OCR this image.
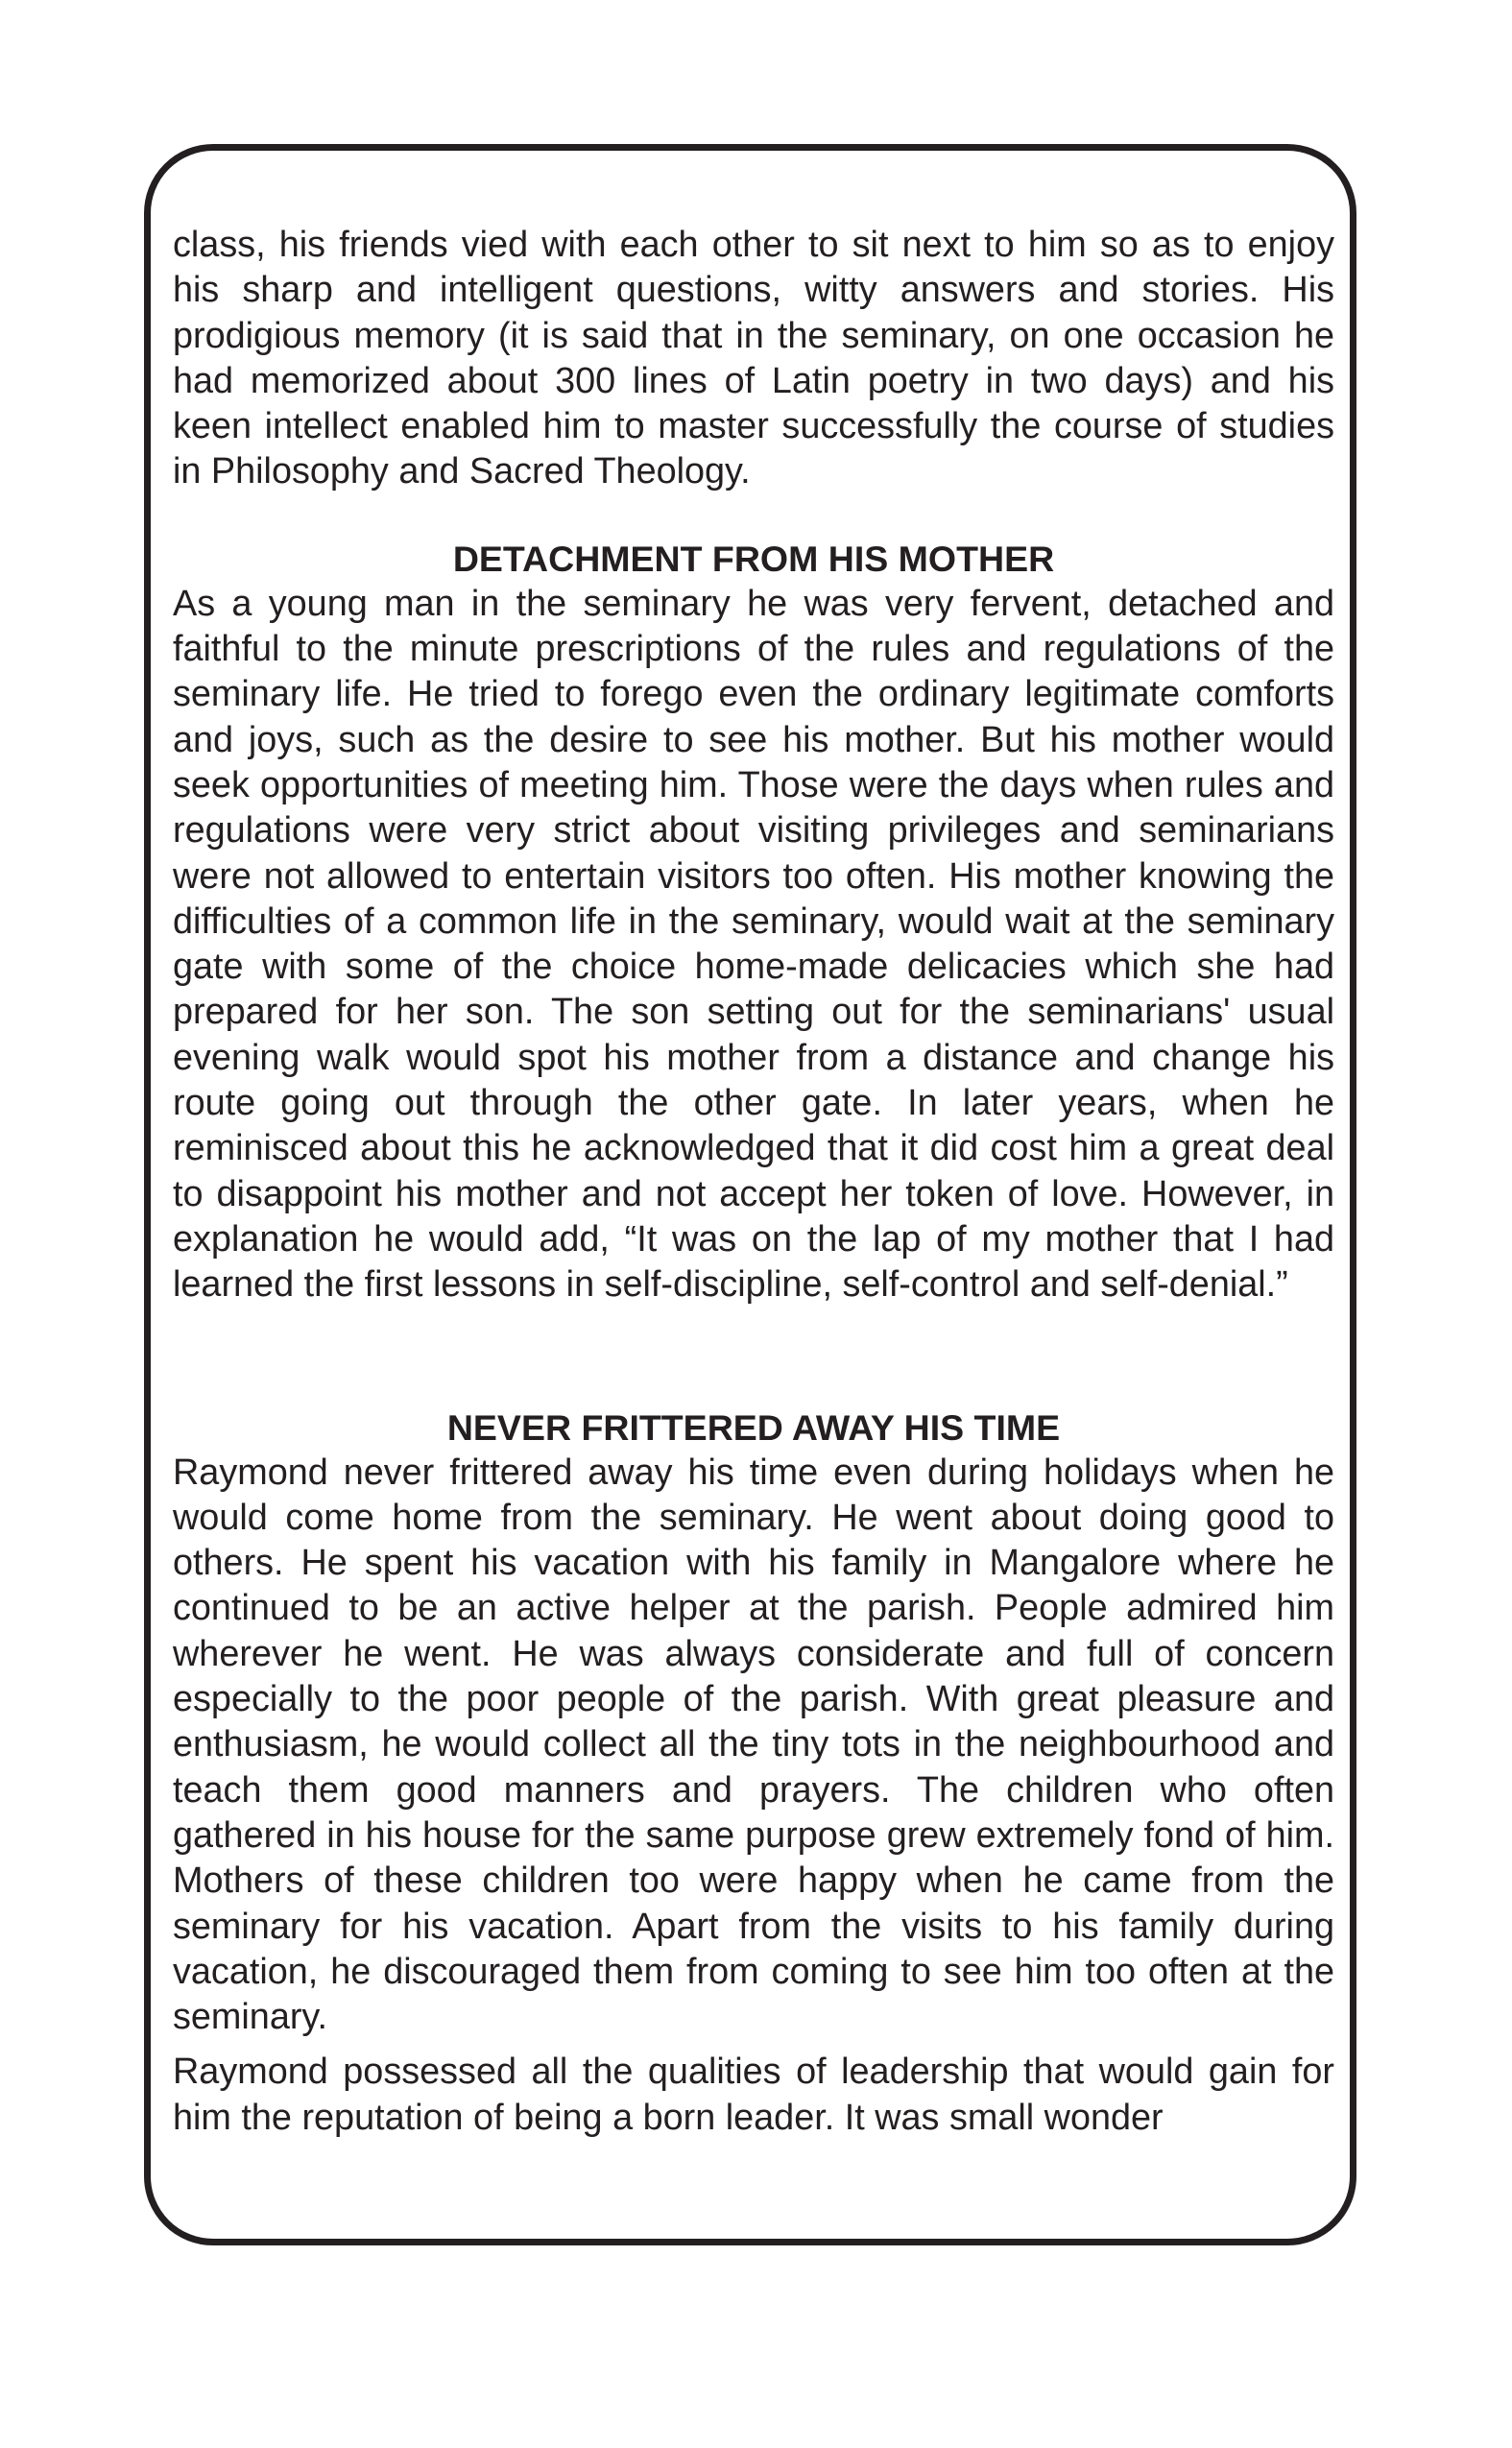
class, his friends vied with each other to sit next to him so as to enjoy his sharp and intelligent questions, witty answers and stories. His prodigious memory (it is said that in the seminary, on one occasion he had memorized about 300 lines of Latin poetry in two days) and his keen intellect enabled him to master successfully the course of studies in Philosophy and Sacred Theology.

DETACHMENT FROM HIS MOTHER

As a young man in the seminary he was very fervent, detached and faithful to the minute prescriptions of the rules and regulations of the seminary life. He tried to forego even the ordinary legitimate comforts and joys, such as the desire to see his mother. But his mother would seek opportunities of meeting him. Those were the days when rules and regulations were very strict about visiting privileges and seminarians were not allowed to entertain visitors too often. His mother knowing the difficulties of a common life in the seminary, would wait at the seminary gate with some of the choice home-made delicacies which she had prepared for her son. The son setting out for the seminarians' usual evening walk would spot his mother from a distance and change his route going out through the other gate. In later years, when he reminisced about this he acknowledged that it did cost him a great deal to disappoint his mother and not accept her token of love. However, in explanation he would add, “It was on the lap of my mother that I had learned the first lessons in self-discipline, self-control and self-denial.”

NEVER FRITTERED AWAY HIS TIME

Raymond never frittered away his time even during holidays when he would come home from the seminary. He went about doing good to others. He spent his vacation with his family in Mangalore where he continued to be an active helper at the parish. People admired him wherever he went. He was always considerate and full of concern especially to the poor people of the parish. With great pleasure and enthusiasm, he would collect all the tiny tots in the neighbourhood and teach them good manners and prayers. The children who often gathered in his house for the same purpose grew extremely fond of him. Mothers of these children too were happy when he came from the seminary for his vacation. Apart from the visits to his family during vacation, he discouraged them from coming to see him too often at the seminary.

Raymond possessed all the qualities of leadership that would gain for him the reputation of being a born leader. It was small wonder
